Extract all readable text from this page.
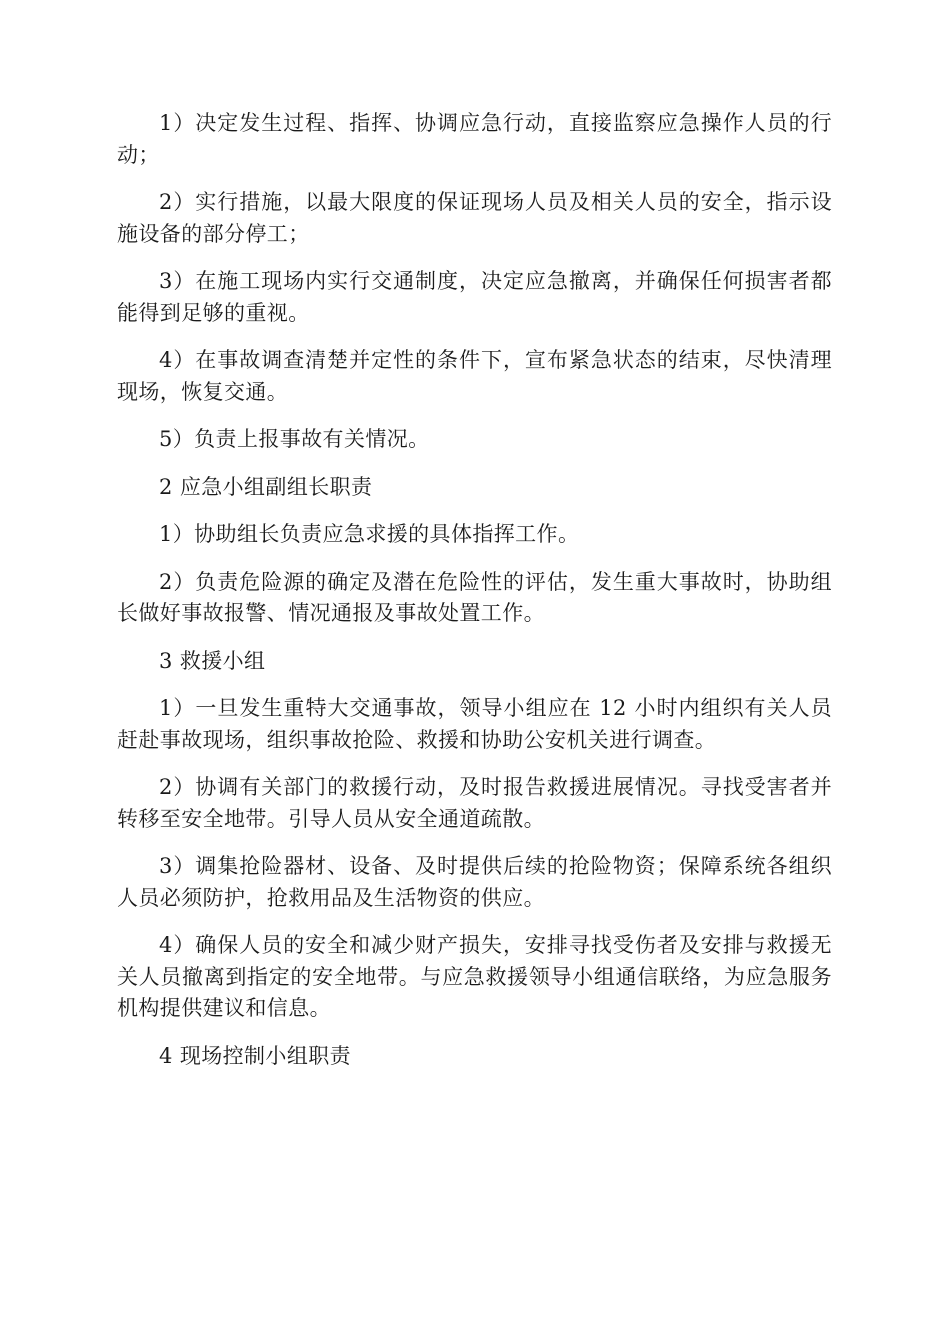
1）决定发生过程、指挥、协调应急行动，直接监察应急操作人员的行动；

2）实行措施，以最大限度的保证现场人员及相关人员的安全，指示设施设备的部分停工；

3）在施工现场内实行交通制度，决定应急撤离，并确保任何损害者都能得到足够的重视。

4）在事故调查清楚并定性的条件下，宣布紧急状态的结束，尽快清理现场，恢复交通。

5）负责上报事故有关情况。

2 应急小组副组长职责

1）协助组长负责应急求援的具体指挥工作。

2）负责危险源的确定及潜在危险性的评估，发生重大事故时，协助组长做好事故报警、情况通报及事故处置工作。

3 救援小组

1）一旦发生重特大交通事故，领导小组应在 12 小时内组织有关人员赶赴事故现场，组织事故抢险、救援和协助公安机关进行调查。

2）协调有关部门的救援行动，及时报告救援进展情况。寻找受害者并转移至安全地带。引导人员从安全通道疏散。

3）调集抢险器材、设备、及时提供后续的抢险物资；保障系统各组织人员必须防护，抢救用品及生活物资的供应。

4）确保人员的安全和减少财产损失，安排寻找受伤者及安排与救援无关人员撤离到指定的安全地带。与应急救援领导小组通信联络，为应急服务机构提供建议和信息。

4 现场控制小组职责
